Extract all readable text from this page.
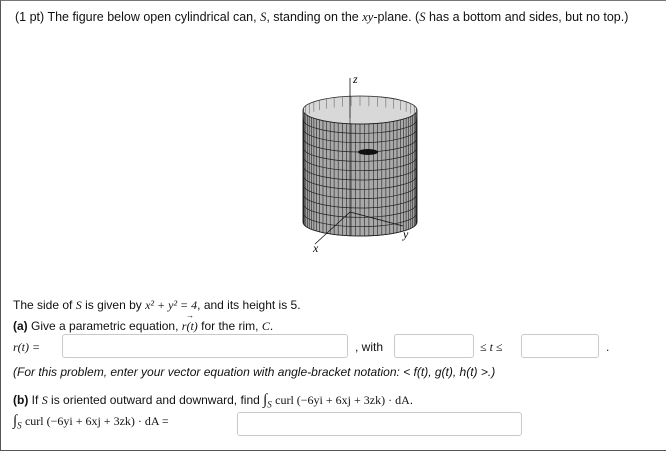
(1 pt) The figure below open cylindrical can, S, standing on the xy-plane. (S has a bottom and sides, but no top.)
z
x
y
The side of S is given by x² + y² = 4, and its height is 5.
(a) Give a parametric equation, → r(t) for the rim, C.
r(t) =	, with	≤ t ≤	.
(For this problem, enter your vector equation with angle-bracket notation: < f(t), g(t), h(t) >.)
(b) If S is oriented outward and downward, find $\int_S$ curl (−6yi + 6xj + 3zk) · dA.
$\int_S$ curl (−6yi + 6xj + 3zk) · dA =
